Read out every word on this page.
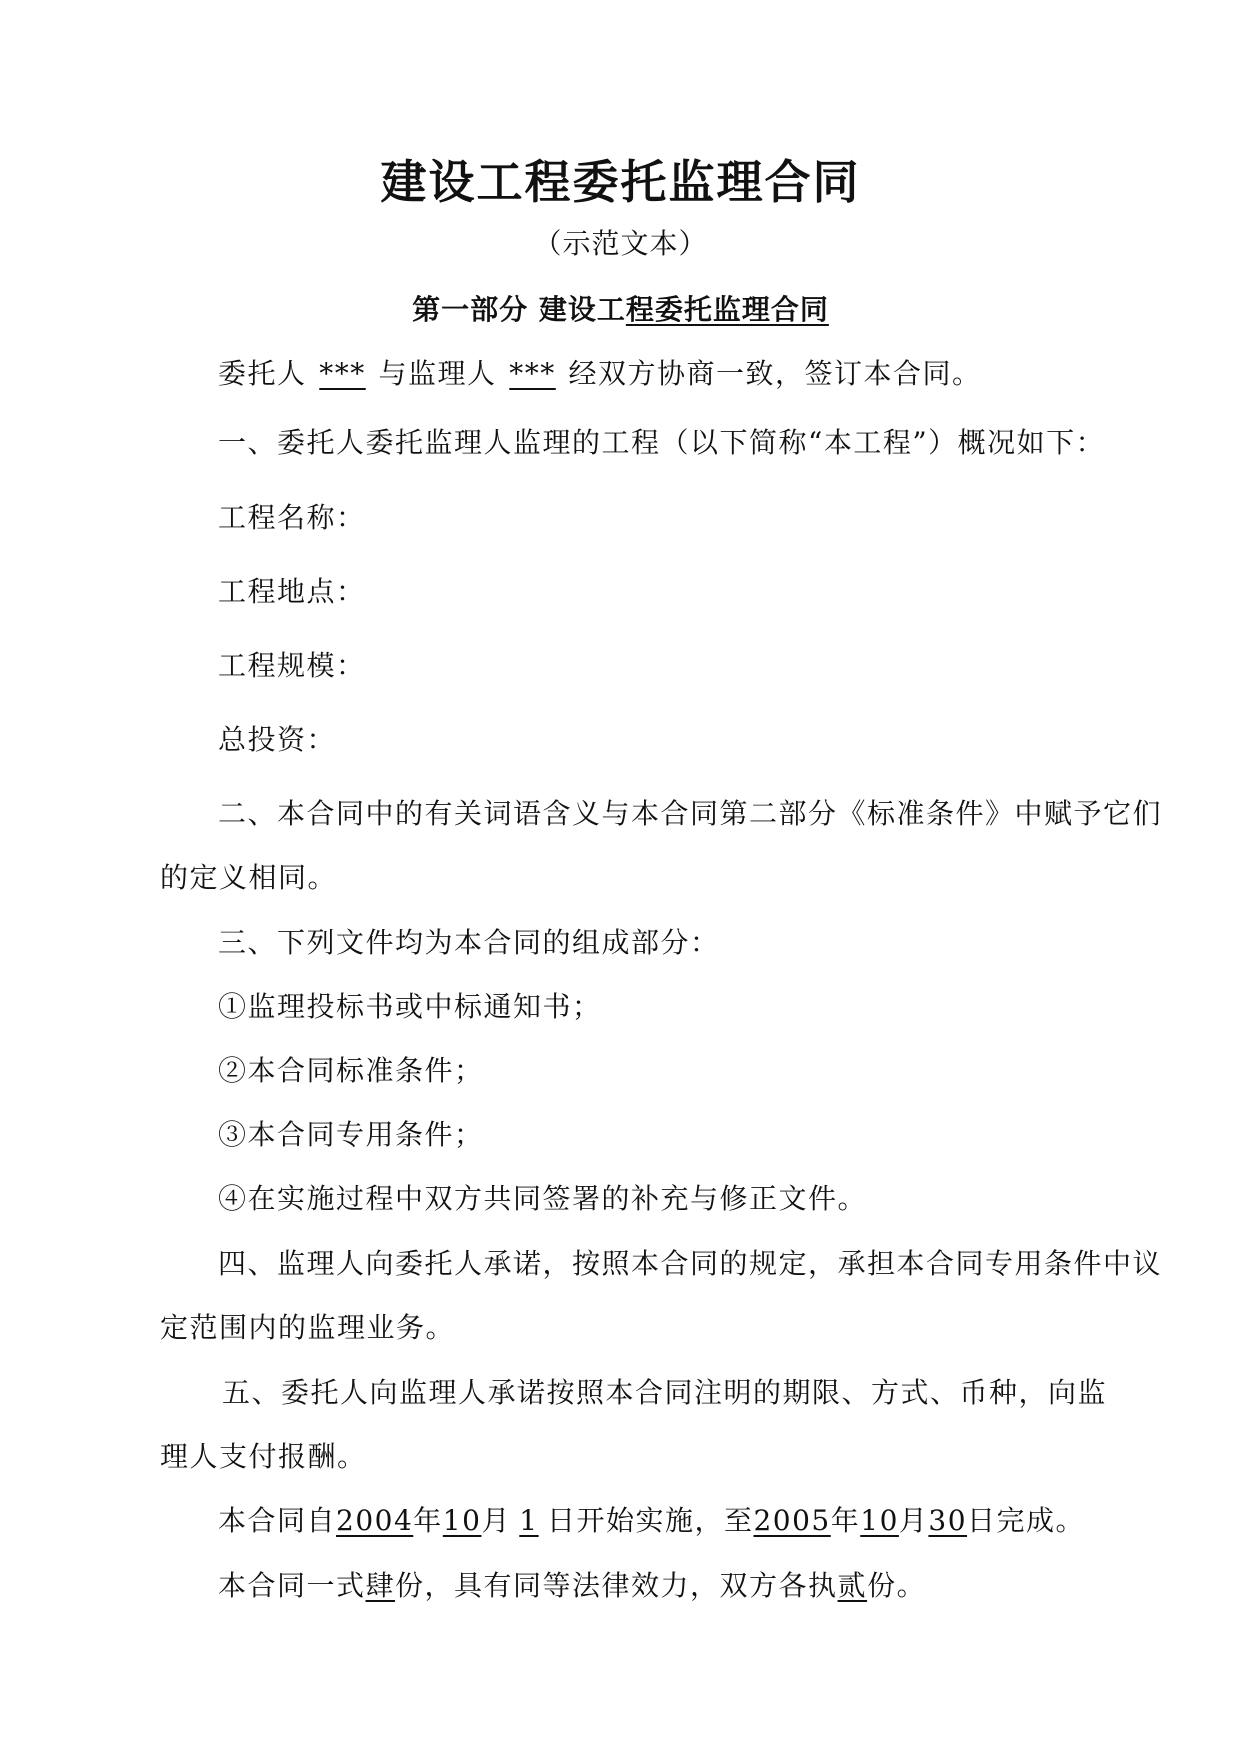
建设工程委托监理合同
（示范文本）
第一部分 建设工程委托监理合同
委托人 *** 与监理人 *** 经双方协商一致，签订本合同。
一、委托人委托监理人监理的工程（以下简称“本工程”）概况如下：
工程名称：
工程地点：
工程规模：
总投资：
二、本合同中的有关词语含义与本合同第二部分《标准条件》中赋予它们
的定义相同。
三、下列文件均为本合同的组成部分：
①监理投标书或中标通知书；
②本合同标准条件；
③本合同专用条件；
④在实施过程中双方共同签署的补充与修正文件。
四、监理人向委托人承诺，按照本合同的规定，承担本合同专用条件中议
定范围内的监理业务。
五、委托人向监理人承诺按照本合同注明的期限、方式、币种，向监
理人支付报酬。
本合同自2004年10月 1 日开始实施，至2005年10月30日完成。
本合同一式肆份，具有同等法律效力，双方各执贰份。
